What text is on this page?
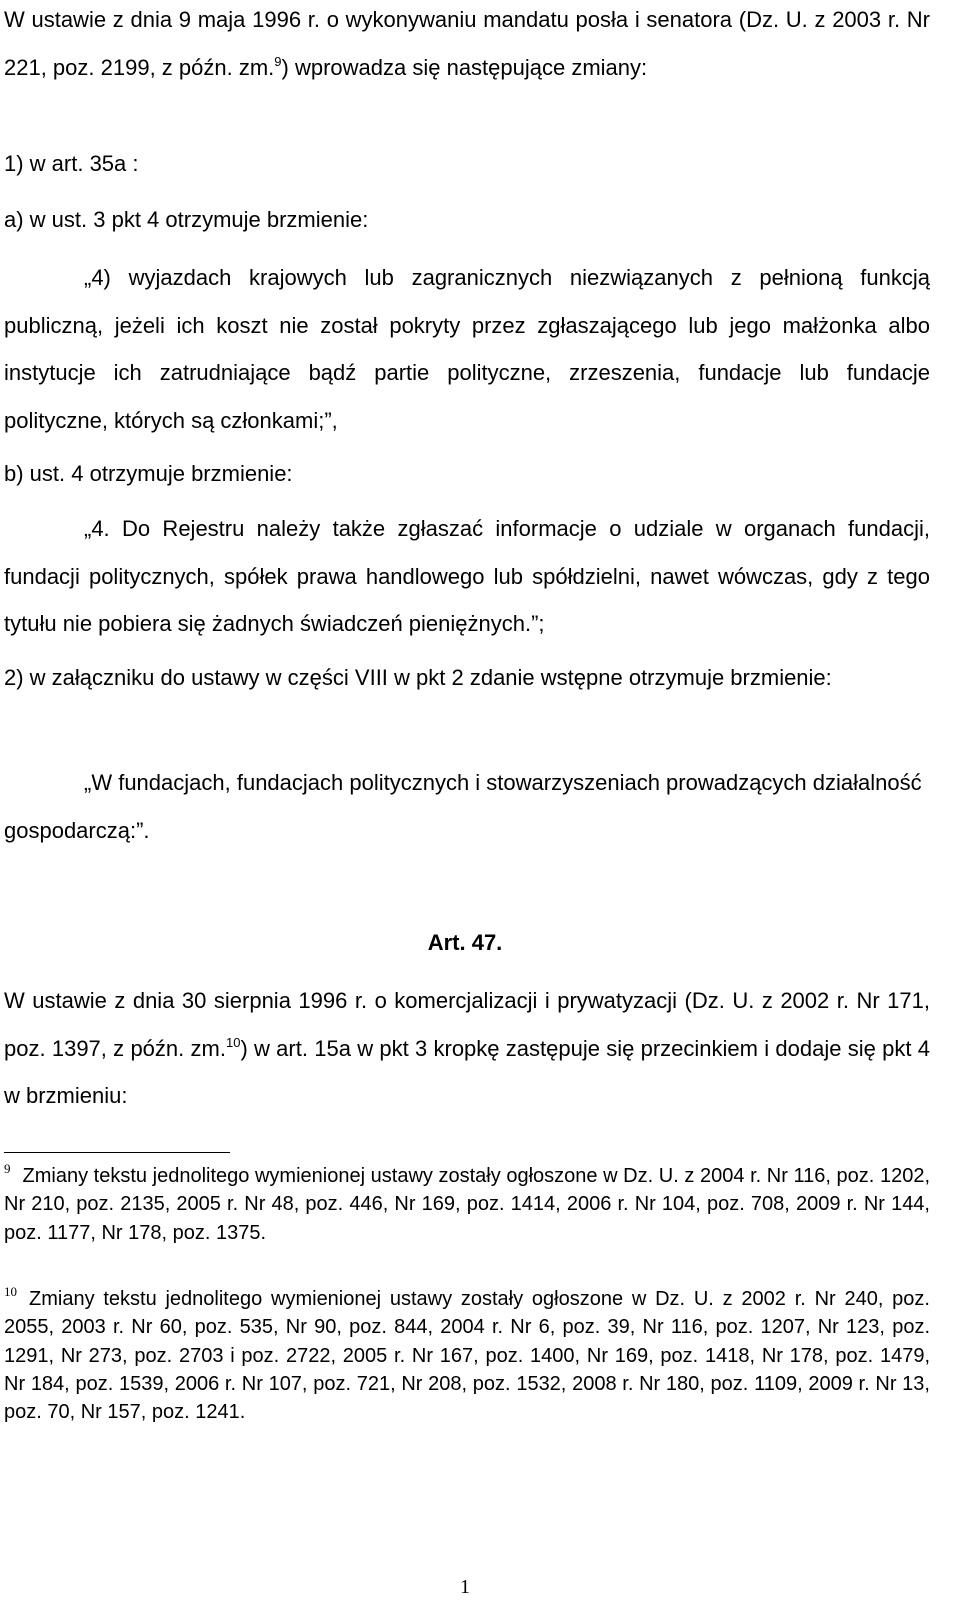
W ustawie z dnia 9 maja 1996 r. o wykonywaniu mandatu posła i senatora (Dz. U. z 2003 r. Nr 221, poz. 2199, z późn. zm.$^9$) wprowadza się następujące zmiany:

1) w art. 35a :

a) w ust. 3 pkt 4 otrzymuje brzmienie:

„4) wyjazdach krajowych lub zagranicznych niezwiązanych z pełnioną funkcją publiczną, jeżeli ich koszt nie został pokryty przez zgłaszającego lub jego małżonka albo instytucje ich zatrudniające bądź partie polityczne, zrzeszenia, fundacje lub fundacje polityczne, których są członkami;”,

b) ust. 4 otrzymuje brzmienie:

„4. Do Rejestru należy także zgłaszać informacje o udziale w organach fundacji, fundacji politycznych, spółek prawa handlowego lub spółdzielni, nawet wówczas, gdy z tego tytułu nie pobiera się żadnych świadczeń pieniężnych.”;

2) w załączniku do ustawy w części VIII w pkt 2 zdanie wstępne otrzymuje brzmienie:

„W fundacjach, fundacjach politycznych i stowarzyszeniach prowadzących działalność gospodarczą:”.

Art. 47.

W ustawie z dnia 30 sierpnia 1996 r. o komercjalizacji i prywatyzacji (Dz. U. z 2002 r. Nr 171, poz. 1397, z późn. zm.$^{10}$) w art. 15a w pkt 3 kropkę zastępuje się przecinkiem i dodaje się pkt 4 w brzmieniu:

$^9$ Zmiany tekstu jednolitego wymienionej ustawy zostały ogłoszone w Dz. U. z 2004 r. Nr 116, poz. 1202, Nr 210, poz. 2135, 2005 r. Nr 48, poz. 446, Nr 169, poz. 1414, 2006 r. Nr 104, poz. 708, 2009 r. Nr 144, poz. 1177, Nr 178, poz. 1375.

$^{10}$ Zmiany tekstu jednolitego wymienionej ustawy zostały ogłoszone w Dz. U. z 2002 r. Nr 240, poz. 2055, 2003 r. Nr 60, poz. 535, Nr 90, poz. 844, 2004 r. Nr 6, poz. 39, Nr 116, poz. 1207, Nr 123, poz. 1291, Nr 273, poz. 2703 i poz. 2722, 2005 r. Nr 167, poz. 1400, Nr 169, poz. 1418, Nr 178, poz. 1479, Nr 184, poz. 1539, 2006 r. Nr 107, poz. 721, Nr 208, poz. 1532, 2008 r. Nr 180, poz. 1109, 2009 r. Nr 13, poz. 70, Nr 157, poz. 1241.

1
